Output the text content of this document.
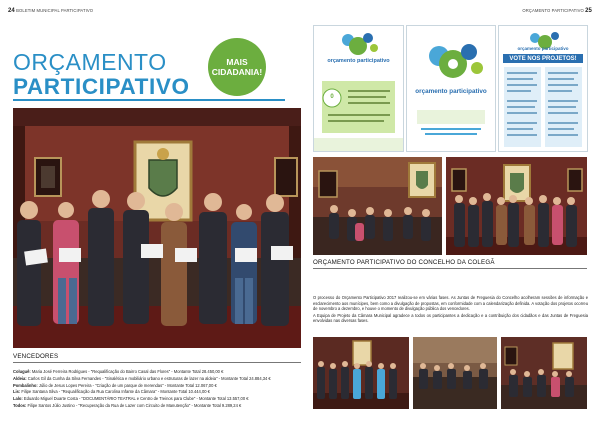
24 BOLETIM MUNICIPAL PARTICIPATIVO	ORÇAMENTO PARTICIPATIVO 25
ORÇAMENTO
PARTICIPATIVO
MAIS
CIDADANIA!
orçamento participativo
0
orçamento participativo
orçamento participativo
VOTE NOS PROJETOS!
ORÇAMENTO PARTICIPATIVO DO CONCELHO DA COLEGÃ

O processo do Orçamento Participativo 2017 realizou-se em várias fases. As Juntas de Freguesia do Concelho acolheram sessões de informação e esclarecimento aos munícipes, bem como a divulgação de propostas, em conformidade com a calendarização definida. A votação dos projetos ocorreu de novembro a dezembro, e houve o momento de divulgação pública dos vencedores.

A Equipa de Projeto da Câmara Municipal agradece a todos os participantes a dedicação e a contribuição dos cidadãos e das Juntas de Freguesia envolvidas nas diversas fases.

VENCEDORES
Coluguê: Maria José Ferreira Rodrigues - "Requalificação do Bairro Casal das Flores" - Montante Total 28.450,00 €
Aldeia: Carlos Gil da Cunha da Silva Fernandes - "Sinalética e mobiliário urbano e estruturas de lazer na aldeia" - Montante Total 24.884,34 €
Pombalinho: Júlio de Jesus Lopes Pereira - "Criação de um parque de merendas" - Montante Total 12.067,00 €
Lis: Filipe Santana Silva - "Requalificação da Rua Carolina Infante da Câmara" - Montante Total 10.444,00 €
Lalo: Eduardo Miguel Duarte Costa - "DOCUMENTÁRIO TEATRAL e Centro de Treinos para Clube" - Montante Total 13.557,00 €
Todos: Filipe Santos Júlio Justino - "Recuperação da Rua de Lazer com Circuito de Manutenção" - Montante Total 9.289,24 €
